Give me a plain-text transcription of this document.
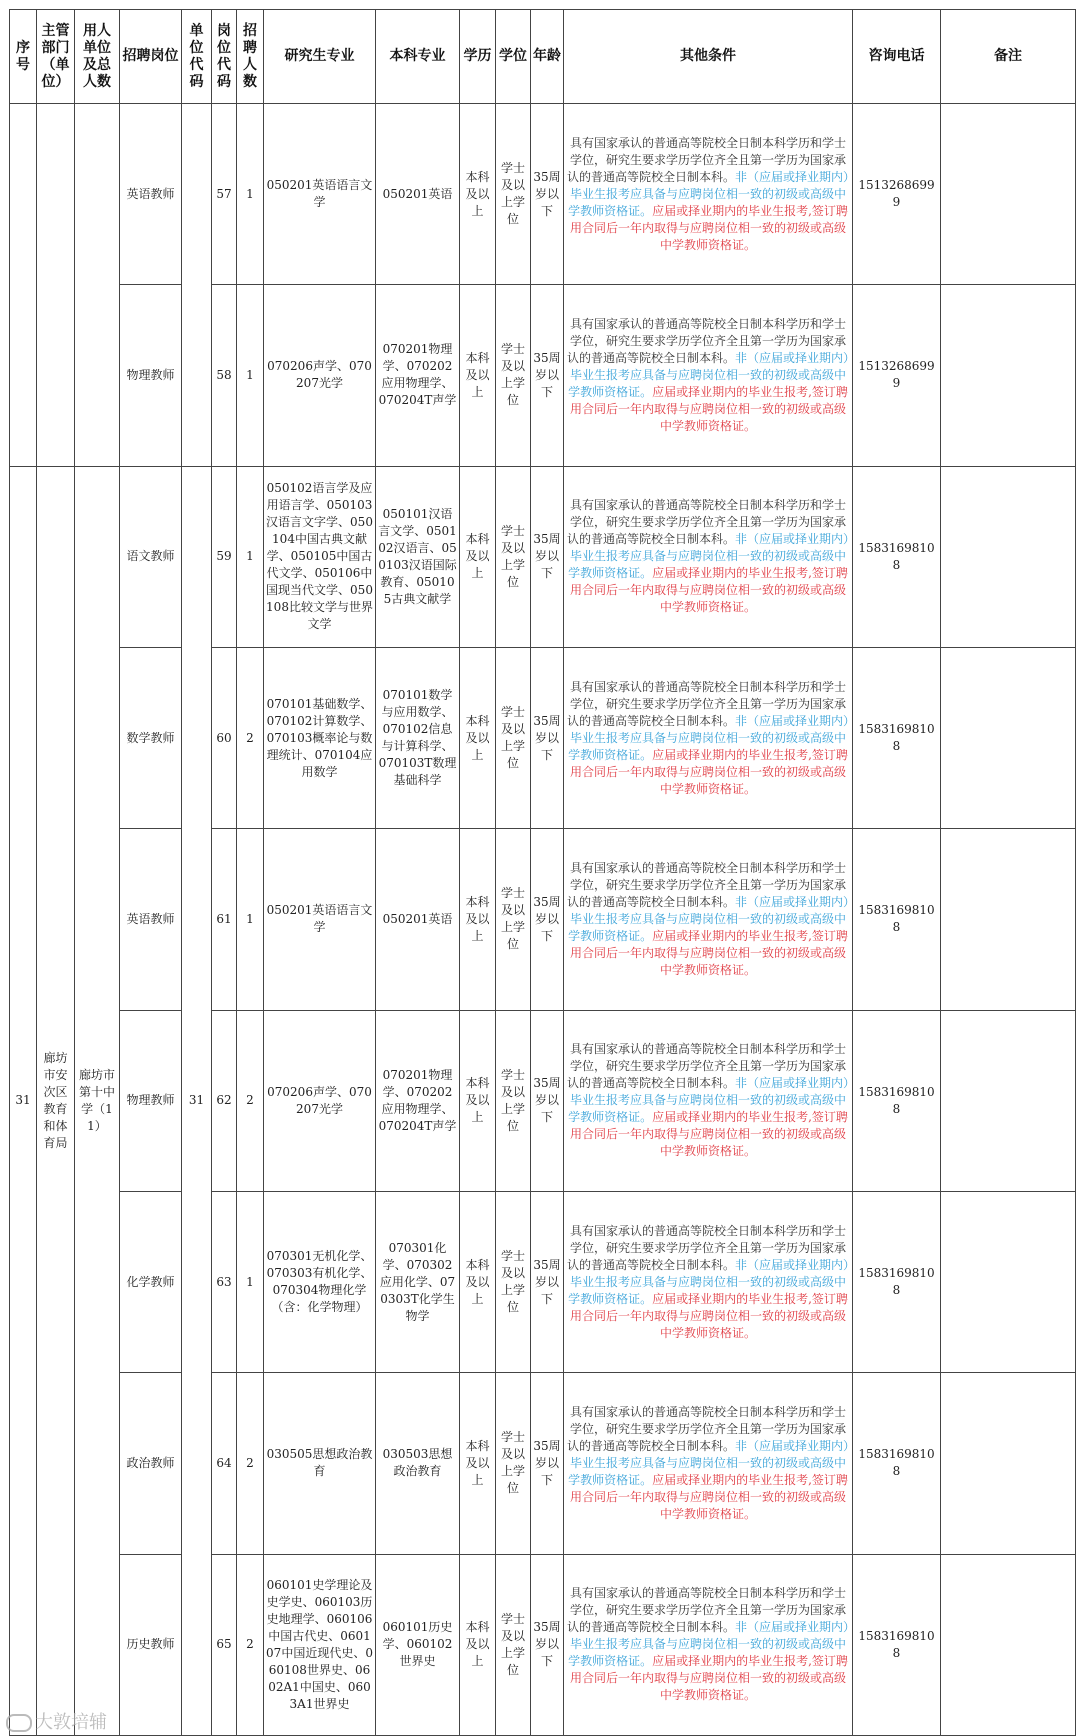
序号	主管部门（单位）	用人单位及总人数	招聘岗位	单位代码	岗位代码	招聘人数	研究生专业	本科专业	学历	学位	年龄	其他条件	咨询电话	备注
			英语教师		57	1	050201英语语言文学	050201英语	本科及以上	学士及以上学位	35周岁以下	具有国家承认的普通高等院校全日制本科学历和学士学位，研究生要求学历学位齐全且第一学历为国家承认的普通高等院校全日制本科。非（应届或择业期内）毕业生报考应具备与应聘岗位相一致的初级或高级中学教师资格证。应届或择业期内的毕业生报考,签订聘用合同后一年内取得与应聘岗位相一致的初级或高级中学教师资格证。	15132686999	
			物理教师		58	1	070206声学、070207光学	070201物理学、070202应用物理学、070204T声学	本科及以上	学士及以上学位	35周岁以下	具有国家承认的普通高等院校全日制本科学历和学士学位，研究生要求学历学位齐全且第一学历为国家承认的普通高等院校全日制本科。非（应届或择业期内）毕业生报考应具备与应聘岗位相一致的初级或高级中学教师资格证。应届或择业期内的毕业生报考,签订聘用合同后一年内取得与应聘岗位相一致的初级或高级中学教师资格证。	15132686999	
31	廊坊市安次区教育和体育局	廊坊市第十中学（11）	语文教师	31	59	1	050102语言学及应用语言学、050103汉语言文字学、050104中国古典文献学、050105中国古代文学、050106中国现当代文学、050108比较文学与世界文学	050101汉语言文学、050102汉语言、050103汉语国际教育、050105古典文献学	本科及以上	学士及以上学位	35周岁以下	具有国家承认的普通高等院校全日制本科学历和学士学位，研究生要求学历学位齐全且第一学历为国家承认的普通高等院校全日制本科。非（应届或择业期内）毕业生报考应具备与应聘岗位相一致的初级或高级中学教师资格证。应届或择业期内的毕业生报考,签订聘用合同后一年内取得与应聘岗位相一致的初级或高级中学教师资格证。	15831698108	
			数学教师		60	2	070101基础数学、070102计算数学、070103概率论与数理统计、070104应用数学	070101数学与应用数学、070102信息与计算科学、070103T数理基础科学	本科及以上	学士及以上学位	35周岁以下	具有国家承认的普通高等院校全日制本科学历和学士学位，研究生要求学历学位齐全且第一学历为国家承认的普通高等院校全日制本科。非（应届或择业期内）毕业生报考应具备与应聘岗位相一致的初级或高级中学教师资格证。应届或择业期内的毕业生报考,签订聘用合同后一年内取得与应聘岗位相一致的初级或高级中学教师资格证。	15831698108	
			英语教师		61	1	050201英语语言文学	050201英语	本科及以上	学士及以上学位	35周岁以下	具有国家承认的普通高等院校全日制本科学历和学士学位，研究生要求学历学位齐全且第一学历为国家承认的普通高等院校全日制本科。非（应届或择业期内）毕业生报考应具备与应聘岗位相一致的初级或高级中学教师资格证。应届或择业期内的毕业生报考,签订聘用合同后一年内取得与应聘岗位相一致的初级或高级中学教师资格证。	15831698108	
			物理教师		62	2	070206声学、070207光学	070201物理学、070202应用物理学、070204T声学	本科及以上	学士及以上学位	35周岁以下	具有国家承认的普通高等院校全日制本科学历和学士学位，研究生要求学历学位齐全且第一学历为国家承认的普通高等院校全日制本科。非（应届或择业期内）毕业生报考应具备与应聘岗位相一致的初级或高级中学教师资格证。应届或择业期内的毕业生报考,签订聘用合同后一年内取得与应聘岗位相一致的初级或高级中学教师资格证。	15831698108	
			化学教师		63	1	070301无机化学、070303有机化学、070304物理化学（含：化学物理）	070301化学、070302应用化学、070303T化学生物学	本科及以上	学士及以上学位	35周岁以下	具有国家承认的普通高等院校全日制本科学历和学士学位，研究生要求学历学位齐全且第一学历为国家承认的普通高等院校全日制本科。非（应届或择业期内）毕业生报考应具备与应聘岗位相一致的初级或高级中学教师资格证。应届或择业期内的毕业生报考,签订聘用合同后一年内取得与应聘岗位相一致的初级或高级中学教师资格证。	15831698108	
			政治教师		64	2	030505思想政治教育	030503思想政治教育	本科及以上	学士及以上学位	35周岁以下	具有国家承认的普通高等院校全日制本科学历和学士学位，研究生要求学历学位齐全且第一学历为国家承认的普通高等院校全日制本科。非（应届或择业期内）毕业生报考应具备与应聘岗位相一致的初级或高级中学教师资格证。应届或择业期内的毕业生报考,签订聘用合同后一年内取得与应聘岗位相一致的初级或高级中学教师资格证。	15831698108	
			历史教师		65	2	060101史学理论及史学史、060103历史地理学、060106中国古代史、060107中国近现代史、060108世界史、0602A1中国史、0603A1世界史	060101历史学、060102世界史	本科及以上	学士及以上学位	35周岁以下	具有国家承认的普通高等院校全日制本科学历和学士学位，研究生要求学历学位齐全且第一学历为国家承认的普通高等院校全日制本科。非（应届或择业期内）毕业生报考应具备与应聘岗位相一致的初级或高级中学教师资格证。应届或择业期内的毕业生报考,签订聘用合同后一年内取得与应聘岗位相一致的初级或高级中学教师资格证。	15831698108	
大敦培辅
